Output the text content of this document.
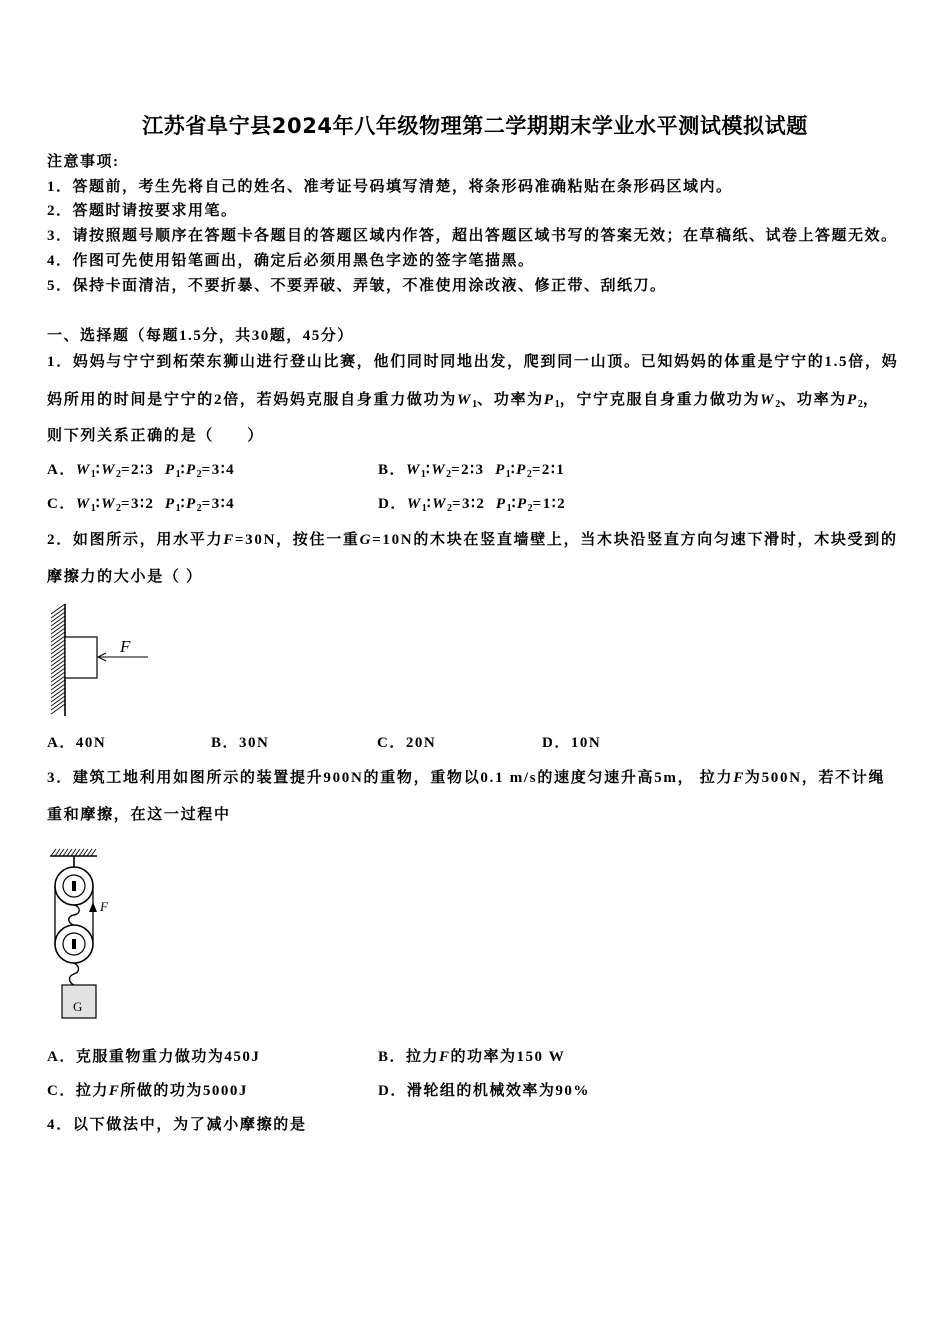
江苏省阜宁县2024年八年级物理第二学期期末学业水平测试模拟试题
注意事项:
1．答题前，考生先将自己的姓名、准考证号码填写清楚，将条形码准确粘贴在条形码区域内。
2．答题时请按要求用笔。
3．请按照题号顺序在答题卡各题目的答题区域内作答，超出答题区域书写的答案无效；在草稿纸、试卷上答题无效。
4．作图可先使用铅笔画出，确定后必须用黑色字迹的签字笔描黑。
5．保持卡面清洁，不要折暴、不要弄破、弄皱，不准使用涂改液、修正带、刮纸刀。
一、选择题（每题1.5分，共30题，45分）
1．妈妈与宁宁到柘荣东狮山进行登山比赛，他们同时同地出发，爬到同一山顶。已知妈妈的体重是宁宁的1.5倍，妈
妈所用的时间是宁宁的2倍，若妈妈克服自身重力做功为$W_1$、功率为$P_1$，宁宁克服自身重力做功为$W_2$、功率为$P_2$，
则下列关系正确的是（　　）
A．$W_1∶W_2=2∶3$  $P_1∶P_2=3∶4$	B．$W_1∶W_2=2∶3$  $P_1∶P_2=2∶1$
C．$W_1∶W_2=3∶2$  $P_1∶P_2=3∶4$	D．$W_1∶W_2=3∶2$  $P_1∶P_2=1∶2$
2．如图所示，用水平力F=30N，按住一重G=10N的木块在竖直墙壁上，当木块沿竖直方向匀速下滑时，木块受到的
摩擦力的大小是（ ）
F
A．40N	B．30N	C．20N	D．10N
3．建筑工地利用如图所示的装置提升900N的重物，重物以0.1 m/s的速度匀速升高5m， 拉力F为500N，若不计绳
重和摩擦，在这一过程中
F
G
A．克服重物重力做功为450J	B．拉力F的功率为150 W
C．拉力F所做的功为5000J	D．滑轮组的机械效率为90%
4．以下做法中，为了减小摩擦的是
